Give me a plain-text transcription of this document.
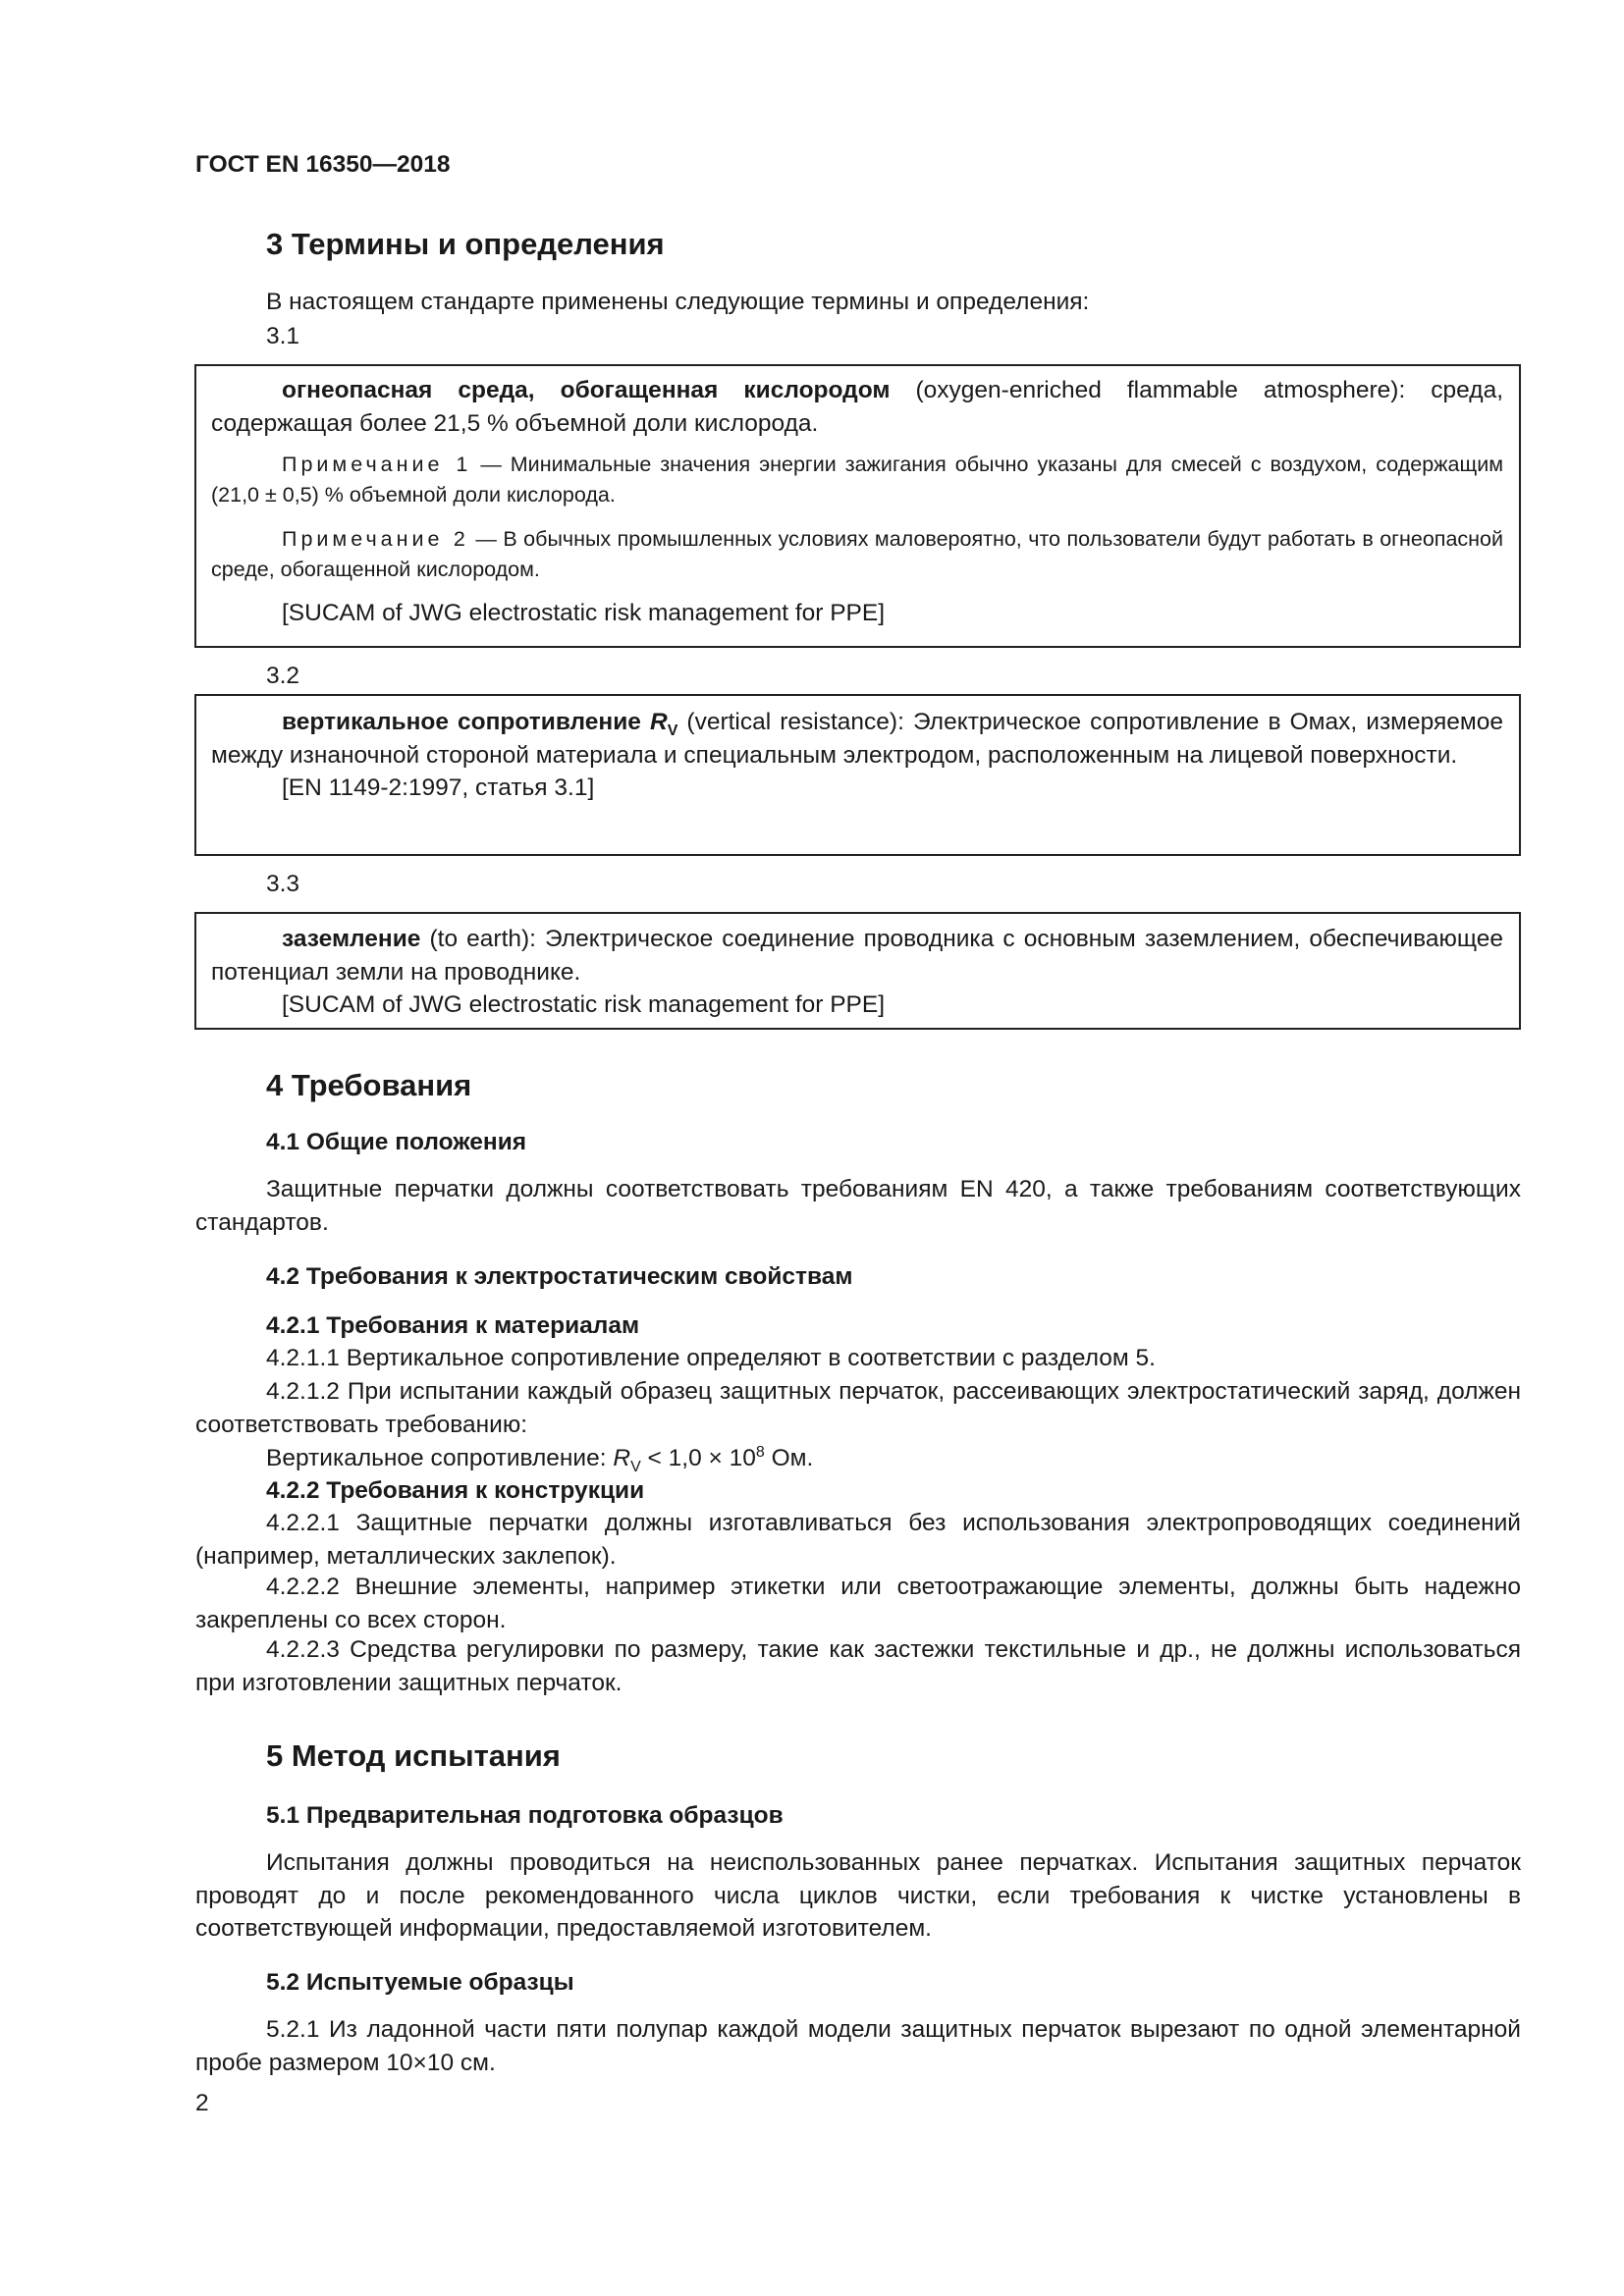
ГОСТ EN 16350—2018
3 Термины и определения
В настоящем стандарте применены следующие термины и определения:
3.1

огнеопасная среда, обогащенная кислородом (oxygen-enriched flammable atmosphere): среда, содержащая более 21,5 % объемной доли кислорода.

Примечание 1 — Минимальные значения энергии зажигания обычно указаны для смесей с воздухом, содержащим (21,0 ± 0,5) % объемной доли кислорода.

Примечание 2 — В обычных промышленных условиях маловероятно, что пользователи будут работать в огнеопасной среде, обогащенной кислородом.

[SUCAM of JWG electrostatic risk management for PPE]

3.2

вертикальное сопротивление $R_V$ (vertical resistance): Электрическое сопротивление в Омах, измеряемое между изнаночной стороной материала и специальным электродом, расположенным на лицевой поверхности.

[EN 1149-2:1997, статья 3.1]

3.3

заземление (to earth): Электрическое соединение проводника с основным заземлением, обеспечивающее потенциал земли на проводнике.

[SUCAM of JWG electrostatic risk management for PPE]

4 Требования
4.1 Общие положения
Защитные перчатки должны соответствовать требованиям EN 420, а также требованиям соответствующих стандартов.
4.2 Требования к электростатическим свойствам
4.2.1 Требования к материалам
4.2.1.1 Вертикальное сопротивление определяют в соответствии с разделом 5.
4.2.1.2 При испытании каждый образец защитных перчаток, рассеивающих электростатический заряд, должен соответствовать требованию:
Вертикальное сопротивление: $R_V < 1,0 \times 10^8$ Ом.
4.2.2 Требования к конструкции
4.2.2.1 Защитные перчатки должны изготавливаться без использования электропроводящих соединений (например, металлических заклепок).
4.2.2.2 Внешние элементы, например этикетки или светоотражающие элементы, должны быть надежно закреплены со всех сторон.
4.2.2.3 Средства регулировки по размеру, такие как застежки текстильные и др., не должны использоваться при изготовлении защитных перчаток.
5 Метод испытания
5.1 Предварительная подготовка образцов
Испытания должны проводиться на неиспользованных ранее перчатках. Испытания защитных перчаток проводят до и после рекомендованного числа циклов чистки, если требования к чистке установлены в соответствующей информации, предоставляемой изготовителем.
5.2 Испытуемые образцы
5.2.1 Из ладонной части пяти полупар каждой модели защитных перчаток вырезают по одной элементарной пробе размером 10×10 см.
2
